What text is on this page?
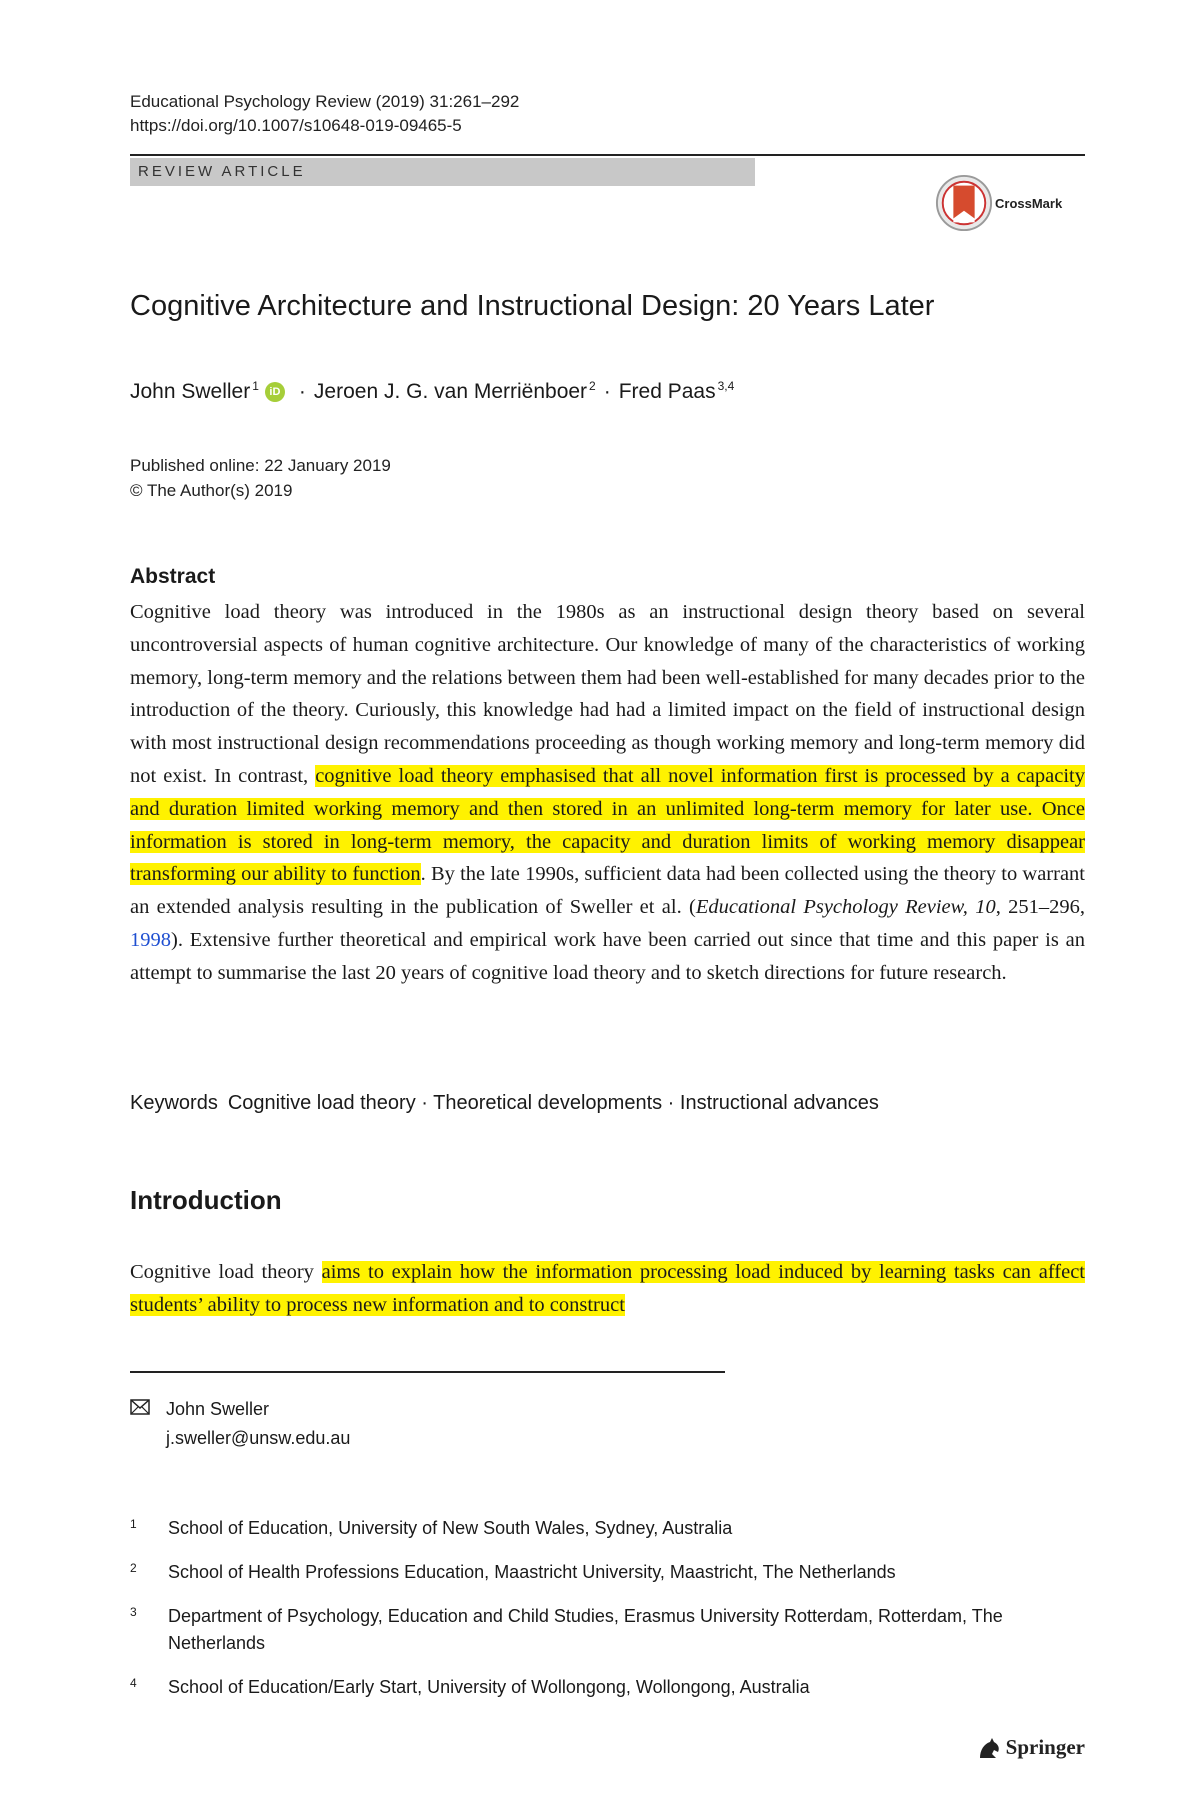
Educational Psychology Review (2019) 31:261–292
https://doi.org/10.1007/s10648-019-09465-5
REVIEW ARTICLE
CrossMark
Cognitive Architecture and Instructional Design: 20 Years Later
John Sweller$^1$ iD · Jeroen J. G. van Merriënboer$^2$ · Fred Paas$^{3,4}$
Published online: 22 January 2019
© The Author(s) 2019
Abstract

Cognitive load theory was introduced in the 1980s as an instructional design theory based on several uncontroversial aspects of human cognitive architecture. Our knowledge of many of the characteristics of working memory, long-term memory and the relations between them had been well-established for many decades prior to the introduction of the theory. Curiously, this knowledge had had a limited impact on the field of instructional design with most instructional design recommendations proceeding as though working memory and long-term memory did not exist. In contrast, cognitive load theory emphasised that all novel information first is processed by a capacity and duration limited working memory and then stored in an unlimited long-term memory for later use. Once information is stored in long-term memory, the capacity and duration limits of working memory disappear transforming our ability to function. By the late 1990s, sufficient data had been collected using the theory to warrant an extended analysis resulting in the publication of Sweller et al. (Educational Psychology Review, 10, 251–296, 1998). Extensive further theoretical and empirical work have been carried out since that time and this paper is an attempt to summarise the last 20 years of cognitive load theory and to sketch directions for future research.

Keywords Cognitive load theory · Theoretical developments · Instructional advances
Introduction

Cognitive load theory aims to explain how the information processing load induced by learning tasks can affect students’ ability to process new information and to construct

John Sweller
j.sweller@unsw.edu.au
1	School of Education, University of New South Wales, Sydney, Australia
2	School of Health Professions Education, Maastricht University, Maastricht, The Netherlands
3	Department of Psychology, Education and Child Studies, Erasmus University Rotterdam, Rotterdam, The Netherlands
4	School of Education/Early Start, University of Wollongong, Wollongong, Australia
Springer
